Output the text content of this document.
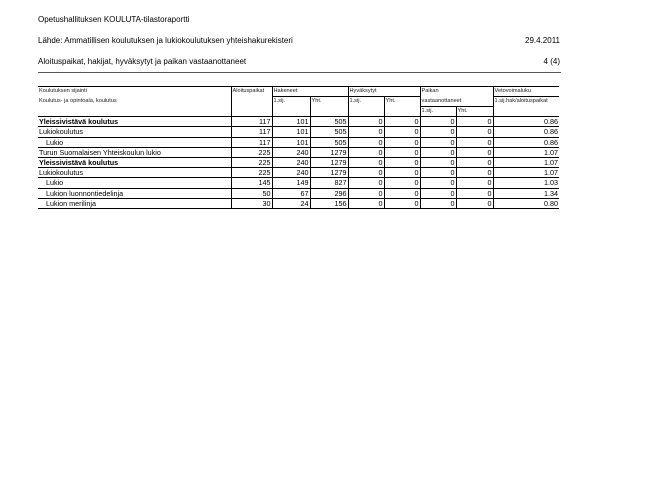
Opetushallituksen KOULUTA-tilastoraportti
Lähde: Ammatillisen koulutuksen ja lukiokoulutuksen yhteishakurekisteri	29.4.2011
Aloituspaikat, hakijat, hyväksytyt ja paikan vastaanottaneet	4 (4)
Koulutuksen sijainti	Aloituspaikat	Hakeneet		Hyväksytyt		Paikan		Vetovoimaluku
Koulutus- ja opintoala, koulutus		1.sij.	Yht.	1.sij.	Yht.	vastaanottaneet		1.sij.hak/aloituspaikat
						1.sij.	Yht.	
Yleissivistävä koulutus	117	101	505	0	0	0	0	0.86
Lukiokoulutus	117	101	505	0	0	0	0	0.86
Lukio	117	101	505	0	0	0	0	0.86
Turun Suomalaisen Yhteiskoulun lukio	225	240	1279	0	0	0	0	1.07
Yleissivistävä koulutus	225	240	1279	0	0	0	0	1.07
Lukiokoulutus	225	240	1279	0	0	0	0	1.07
Lukio	145	149	827	0	0	0	0	1.03
Lukion luonnontiedelinja	50	67	296	0	0	0	0	1.34
Lukion merilinja	30	24	156	0	0	0	0	0.80
